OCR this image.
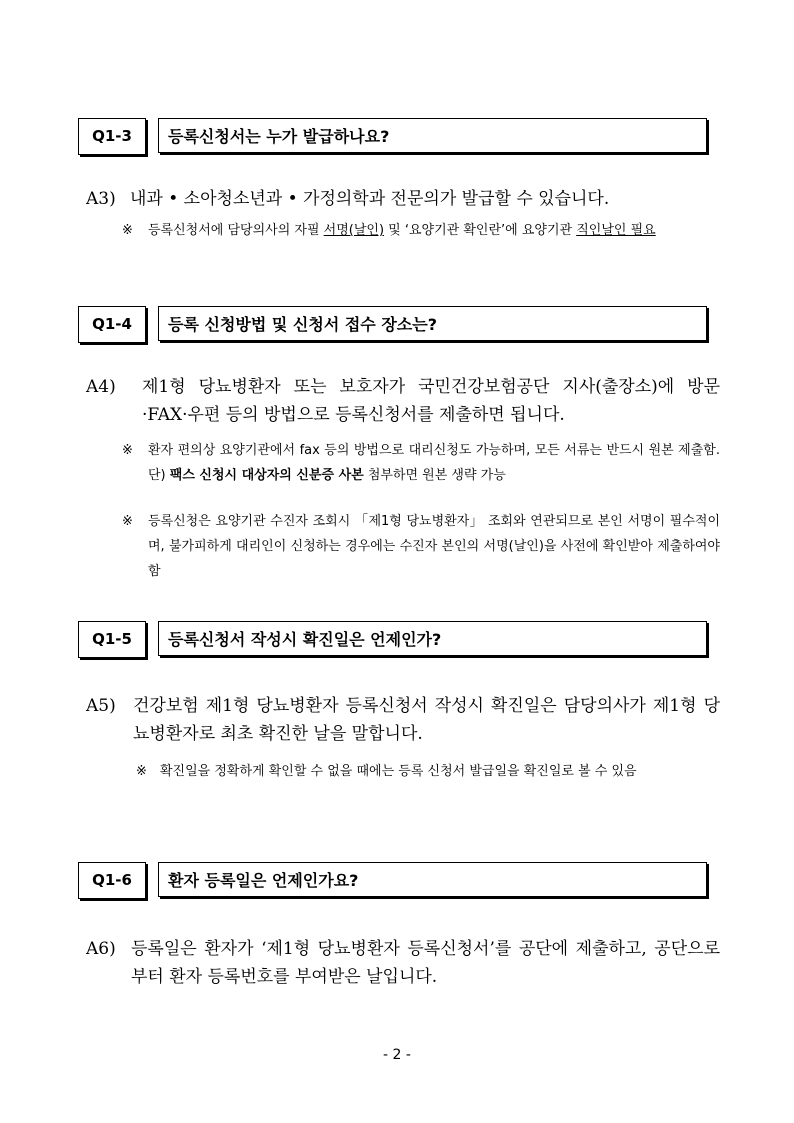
Q1-3	등록신청서는 누가 발급하나요?
A3) 내과 • 소아청소년과 • 가정의학과 전문의가 발급할 수 있습니다.
※ 등록신청서에 담당의사의 자필 서명(날인) 및 ‘요양기관 확인란’에 요양기관 직인날인 필요
Q1-4	등록 신청방법 및 신청서 접수 장소는?
A4) 제1형 당뇨병환자 또는 보호자가 국민건강보험공단 지사(출장소)에 방문·FAX·우편 등의 방법으로 등록신청서를 제출하면 됩니다.
※ 환자 편의상 요양기관에서 fax 등의 방법으로 대리신청도 가능하며, 모든 서류는 반드시 원본 제출함. 단) 팩스 신청시 대상자의 신분증 사본 첨부하면 원본 생략 가능
※ 등록신청은 요양기관 수진자 조회시 「제1형 당뇨병환자」 조회와 연관되므로 본인 서명이 필수적이며, 불가피하게 대리인이 신청하는 경우에는 수진자 본인의 서명(날인)을 사전에 확인받아 제출하여야 함
Q1-5	등록신청서 작성시 확진일은 언제인가?
A5) 건강보험 제1형 당뇨병환자 등록신청서 작성시 확진일은 담당의사가 제1형 당뇨병환자로 최초 확진한 날을 말합니다.
※ 확진일을 정확하게 확인할 수 없을 때에는 등록 신청서 발급일을 확진일로 볼 수 있음
Q1-6	환자 등록일은 언제인가요?
A6) 등록일은 환자가 ‘제1형 당뇨병환자 등록신청서’를 공단에 제출하고, 공단으로부터 환자 등록번호를 부여받은 날입니다.
- 2 -
